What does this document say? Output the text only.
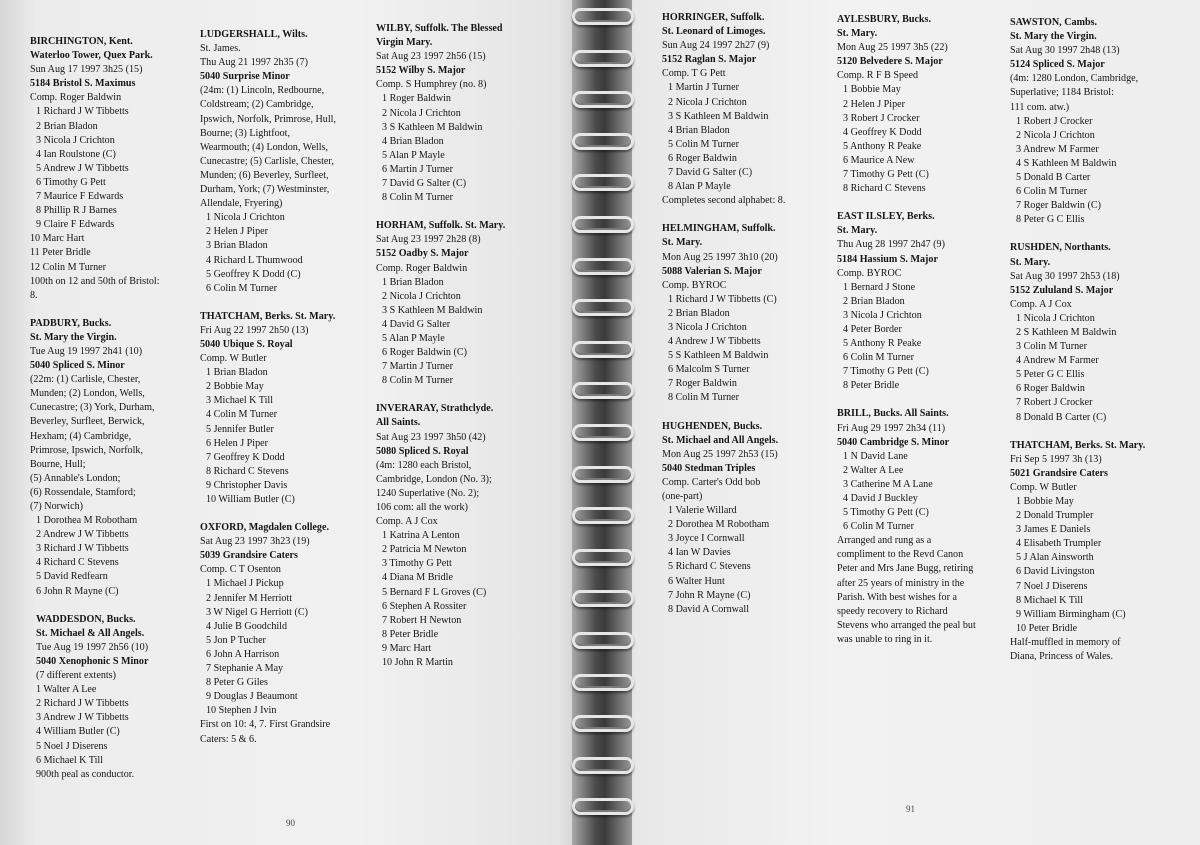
BIRCHINGTON, Kent.

Waterloo Tower, Quex Park.

Sun Aug 17 1997 3h25 (15)

5184 Bristol S. Maximus

Comp. Roger Baldwin

1 Richard J W Tibbetts

2 Brian Bladon

3 Nicola J Crichton

4 Ian Roulstone (C)

5 Andrew J W Tibbetts

6 Timothy G Pett

7 Maurice F Edwards

8 Phillip R J Barnes

9 Claire F Edwards

10 Marc Hart

11 Peter Bridle

12 Colin M Turner

100th on 12 and 50th of Bristol:

8.

PADBURY, Bucks.

St. Mary the Virgin.

Tue Aug 19 1997 2h41 (10)

5040 Spliced S. Minor

(22m: (1) Carlisle, Chester,

Munden; (2) London, Wells,

Cunecastre; (3) York, Durham,

Beverley, Surfleet, Berwick,

Hexham; (4) Cambridge,

Primrose, Ipswich, Norfolk,

Bourne, Hull;

(5) Annable's London;

(6) Rossendale, Stamford;

(7) Norwich)

1 Dorothea M Robotham

2 Andrew J W Tibbetts

3 Richard J W Tibbetts

4 Richard C Stevens

5 David Redfearn

6 John R Mayne (C)

WADDESDON, Bucks.

St. Michael & All Angels.

Tue Aug 19 1997 2h56 (10)

5040 Xenophonic S Minor

(7 different extents)

1 Walter A Lee

2 Richard J W Tibbetts

3 Andrew J W Tibbetts

4 William Butler (C)

5 Noel J Diserens

6 Michael K Till

900th peal as conductor.

LUDGERSHALL, Wilts.

St. James.

Thu Aug 21 1997 2h35 (7)

5040 Surprise Minor

(24m: (1) Lincoln, Redbourne,

Coldstream; (2) Cambridge,

Ipswich, Norfolk, Primrose, Hull,

Bourne; (3) Lightfoot,

Wearmouth; (4) London, Wells,

Cunecastre; (5) Carlisle, Chester,

Munden; (6) Beverley, Surfleet,

Durham, York; (7) Westminster,

Allendale, Fryering)

1 Nicola J Crichton

2 Helen J Piper

3 Brian Bladon

4 Richard L Thumwood

5 Geoffrey K Dodd (C)

6 Colin M Turner

THATCHAM, Berks. St. Mary.

Fri Aug 22 1997 2h50 (13)

5040 Ubique S. Royal

Comp. W Butler

1 Brian Bladon

2 Bobbie May

3 Michael K Till

4 Colin M Turner

5 Jennifer Butler

6 Helen J Piper

7 Geoffrey K Dodd

8 Richard C Stevens

9 Christopher Davis

10 William Butler (C)

OXFORD, Magdalen College.

Sat Aug 23 1997 3h23 (19)

5039 Grandsire Caters

Comp. C T Osenton

1 Michael J Pickup

2 Jennifer M Herriott

3 W Nigel G Herriott (C)

4 Julie B Goodchild

5 Jon P Tucher

6 John A Harrison

7 Stephanie A May

8 Peter G Giles

9 Douglas J Beaumont

10 Stephen J Ivin

First on 10: 4, 7. First Grandsire

Caters: 5 & 6.

WILBY, Suffolk. The Blessed

Virgin Mary.

Sat Aug 23 1997 2h56 (15)

5152 Wilby S. Major

Comp. S Humphrey (no. 8)

1 Roger Baldwin

2 Nicola J Crichton

3 S Kathleen M Baldwin

4 Brian Bladon

5 Alan P Mayle

6 Martin J Turner

7 David G Salter (C)

8 Colin M Turner

HORHAM, Suffolk. St. Mary.

Sat Aug 23 1997 2h28 (8)

5152 Oadby S. Major

Comp. Roger Baldwin

1 Brian Bladon

2 Nicola J Crichton

3 S Kathleen M Baldwin

4 David G Salter

5 Alan P Mayle

6 Roger Baldwin (C)

7 Martin J Turner

8 Colin M Turner

INVERARAY, Strathclyde.

All Saints.

Sat Aug 23 1997 3h50 (42)

5080 Spliced S. Royal

(4m: 1280 each Bristol,

Cambridge, London (No. 3);

1240 Superlative (No. 2);

106 com: all the work)

Comp. A J Cox

1 Katrina A Lenton

2 Patricia M Newton

3 Timothy G Pett

4 Diana M Bridle

5 Bernard F L Groves (C)

6 Stephen A Rossiter

7 Robert H Newton

8 Peter Bridle

9 Marc Hart

10 John R Martin

90

HORRINGER, Suffolk.

St. Leonard of Limoges.

Sun Aug 24 1997 2h27 (9)

5152 Raglan S. Major

Comp. T G Pett

1 Martin J Turner

2 Nicola J Crichton

3 S Kathleen M Baldwin

4 Brian Bladon

5 Colin M Turner

6 Roger Baldwin

7 David G Salter (C)

8 Alan P Mayle

Completes second alphabet: 8.

HELMINGHAM, Suffolk.

St. Mary.

Mon Aug 25 1997 3h10 (20)

5088 Valerian S. Major

Comp. BYROC

1 Richard J W Tibbetts (C)

2 Brian Bladon

3 Nicola J Crichton

4 Andrew J W Tibbetts

5 S Kathleen M Baldwin

6 Malcolm S Turner

7 Roger Baldwin

8 Colin M Turner

HUGHENDEN, Bucks.

St. Michael and All Angels.

Mon Aug 25 1997 2h53 (15)

5040 Stedman Triples

Comp. Carter's Odd bob

(one-part)

1 Valerie Willard

2 Dorothea M Robotham

3 Joyce I Cornwall

4 Ian W Davies

5 Richard C Stevens

6 Walter Hunt

7 John R Mayne (C)

8 David A Cornwall

AYLESBURY, Bucks.

St. Mary.

Mon Aug 25 1997 3h5 (22)

5120 Belvedere S. Major

Comp. R F B Speed

1 Bobbie May

2 Helen J Piper

3 Robert J Crocker

4 Geoffrey K Dodd

5 Anthony R Peake

6 Maurice A New

7 Timothy G Pett (C)

8 Richard C Stevens

EAST ILSLEY, Berks.

St. Mary.

Thu Aug 28 1997 2h47 (9)

5184 Hassium S. Major

Comp. BYROC

1 Bernard J Stone

2 Brian Bladon

3 Nicola J Crichton

4 Peter Border

5 Anthony R Peake

6 Colin M Turner

7 Timothy G Pett (C)

8 Peter Bridle

BRILL, Bucks. All Saints.

Fri Aug 29 1997 2h34 (11)

5040 Cambridge S. Minor

1 N David Lane

2 Walter A Lee

3 Catherine M A Lane

4 David J Buckley

5 Timothy G Pett (C)

6 Colin M Turner

Arranged and rung as a

compliment to the Revd Canon

Peter and Mrs Jane Bugg, retiring

after 25 years of ministry in the

Parish. With best wishes for a

speedy recovery to Richard

Stevens who arranged the peal but

was unable to ring in it.

SAWSTON, Cambs.

St. Mary the Virgin.

Sat Aug 30 1997 2h48 (13)

5124 Spliced S. Major

(4m: 1280 London, Cambridge,

Superlative; 1184 Bristol:

111 com. atw.)

1 Robert J Crocker

2 Nicola J Crichton

3 Andrew M Farmer

4 S Kathleen M Baldwin

5 Donald B Carter

6 Colin M Turner

7 Roger Baldwin (C)

8 Peter G C Ellis

RUSHDEN, Northants.

St. Mary.

Sat Aug 30 1997 2h53 (18)

5152 Zululand S. Major

Comp. A J Cox

1 Nicola J Crichton

2 S Kathleen M Baldwin

3 Colin M Turner

4 Andrew M Farmer

5 Peter G C Ellis

6 Roger Baldwin

7 Robert J Crocker

8 Donald B Carter (C)

THATCHAM, Berks. St. Mary.

Fri Sep 5 1997 3h (13)

5021 Grandsire Caters

Comp. W Butler

1 Bobbie May

2 Donald Trumpler

3 James E Daniels

4 Elisabeth Trumpler

5 J Alan Ainsworth

6 David Livingston

7 Noel J Diserens

8 Michael K Till

9 William Birmingham (C)

10 Peter Bridle

Half-muffled in memory of

Diana, Princess of Wales.

91
